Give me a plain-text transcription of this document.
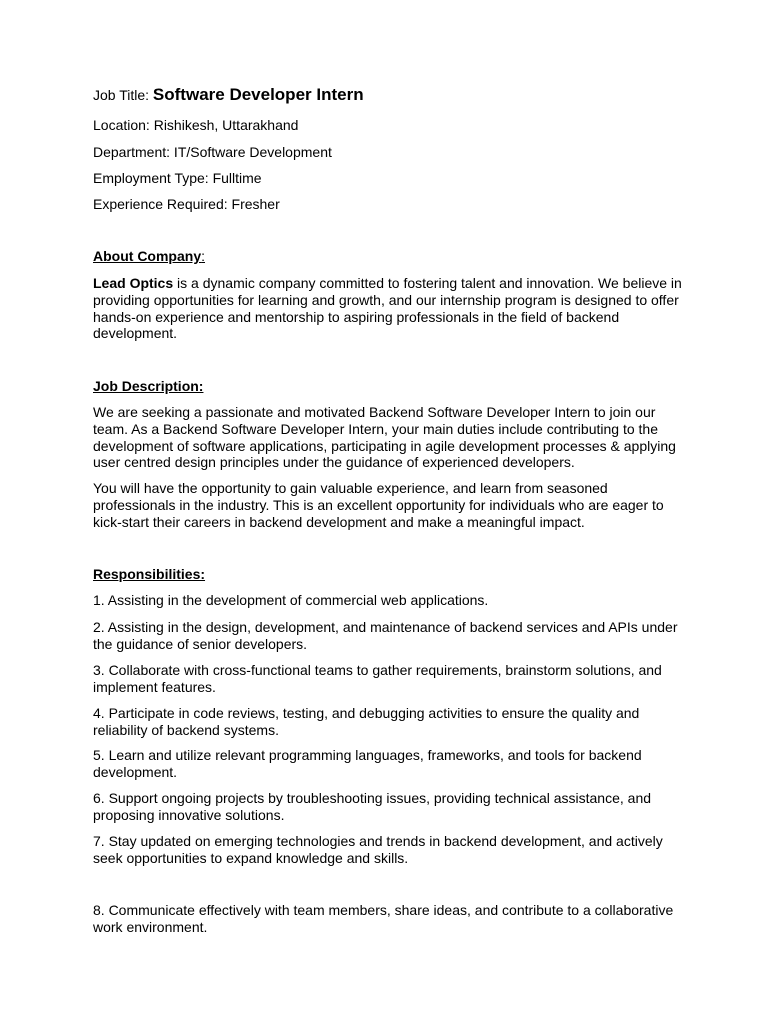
Job Title: Software Developer Intern
Location: Rishikesh, Uttarakhand
Department: IT/Software Development
Employment Type: Fulltime
Experience Required: Fresher
About Company:
Lead Optics is a dynamic company committed to fostering talent and innovation. We believe in providing opportunities for learning and growth, and our internship program is designed to offer hands-on experience and mentorship to aspiring professionals in the field of backend development.
Job Description:
We are seeking a passionate and motivated Backend Software Developer Intern to join our team. As a Backend Software Developer Intern, your main duties include contributing to the development of software applications, participating in agile development processes & applying user centred design principles under the guidance of experienced developers.
You will have the opportunity to gain valuable experience, and learn from seasoned professionals in the industry. This is an excellent opportunity for individuals who are eager to kick-start their careers in backend development and make a meaningful impact.
Responsibilities:
1. Assisting in the development of commercial web applications.
2. Assisting in the design, development, and maintenance of backend services and APIs under the guidance of senior developers.
3. Collaborate with cross-functional teams to gather requirements, brainstorm solutions, and implement features.
4. Participate in code reviews, testing, and debugging activities to ensure the quality and reliability of backend systems.
5. Learn and utilize relevant programming languages, frameworks, and tools for backend development.
6. Support ongoing projects by troubleshooting issues, providing technical assistance, and proposing innovative solutions.
7. Stay updated on emerging technologies and trends in backend development, and actively seek opportunities to expand knowledge and skills.
8. Communicate effectively with team members, share ideas, and contribute to a collaborative work environment.
